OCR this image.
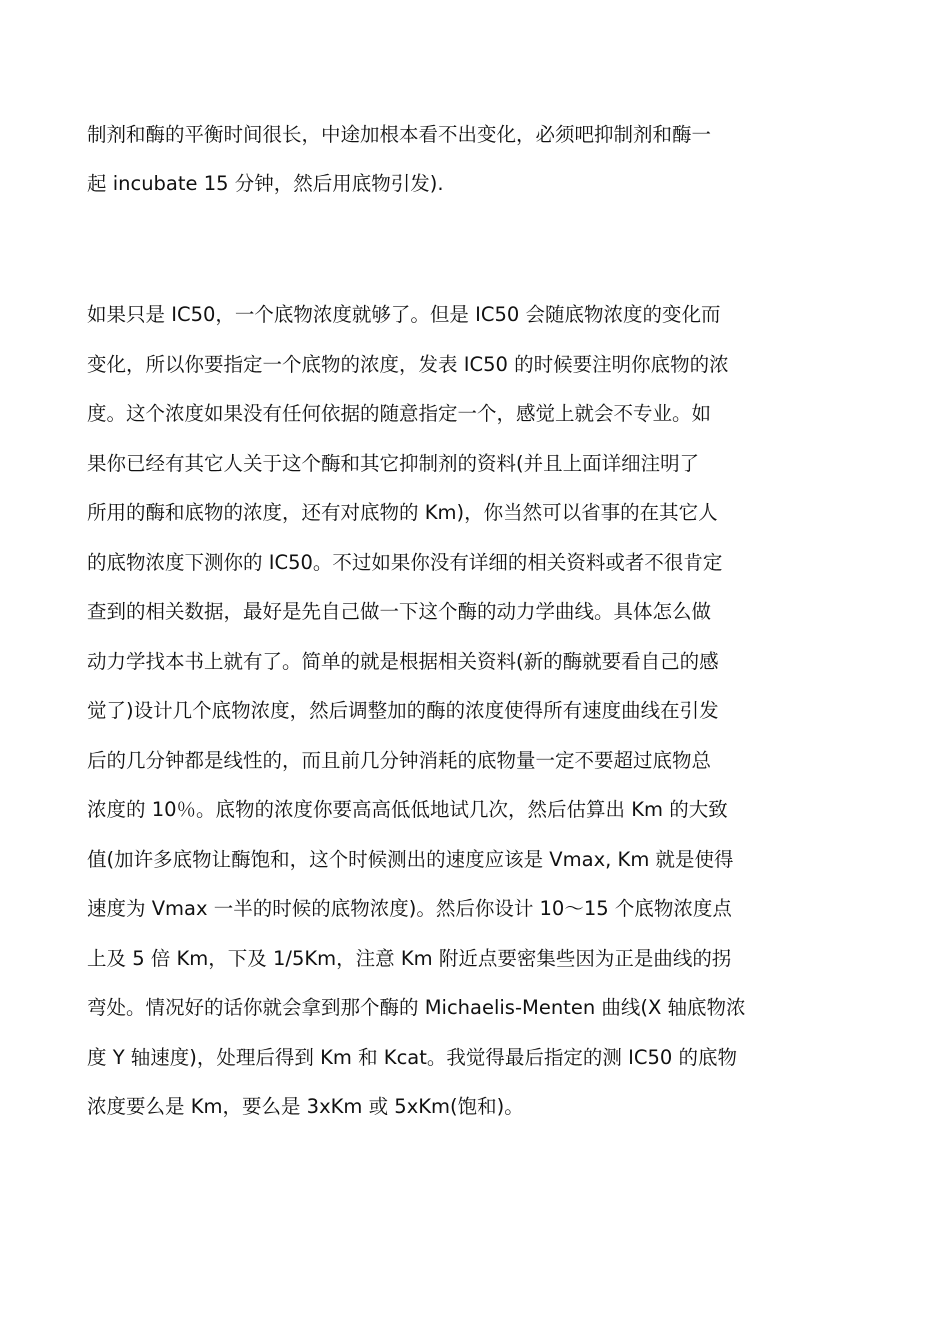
制剂和酶的平衡时间很长，中途加根本看不出变化，必须吧抑制剂和酶一
起 incubate 15 分钟，然后用底物引发).
如果只是 IC50，一个底物浓度就够了。但是 IC50 会随底物浓度的变化而
变化，所以你要指定一个底物的浓度，发表 IC50 的时候要注明你底物的浓
度。这个浓度如果没有任何依据的随意指定一个，感觉上就会不专业。如
果你已经有其它人关于这个酶和其它抑制剂的资料(并且上面详细注明了
所用的酶和底物的浓度，还有对底物的 Km)，你当然可以省事的在其它人
的底物浓度下测你的 IC50。不过如果你没有详细的相关资料或者不很肯定
查到的相关数据，最好是先自己做一下这个酶的动力学曲线。具体怎么做
动力学找本书上就有了。简单的就是根据相关资料(新的酶就要看自己的感
觉了)设计几个底物浓度，然后调整加的酶的浓度使得所有速度曲线在引发
后的几分钟都是线性的，而且前几分钟消耗的底物量一定不要超过底物总
浓度的 10％。底物的浓度你要高高低低地试几次，然后估算出 Km 的大致
值(加许多底物让酶饱和，这个时候测出的速度应该是 Vmax, Km 就是使得
速度为 Vmax 一半的时候的底物浓度)。然后你设计 10～15 个底物浓度点
上及 5 倍 Km，下及 1/5Km，注意 Km 附近点要密集些因为正是曲线的拐
弯处。情况好的话你就会拿到那个酶的 Michaelis-Menten 曲线(X 轴底物浓
度 Y 轴速度)，处理后得到 Km 和 Kcat。我觉得最后指定的测 IC50 的底物
浓度要么是 Km，要么是 3xKm 或 5xKm(饱和)。
